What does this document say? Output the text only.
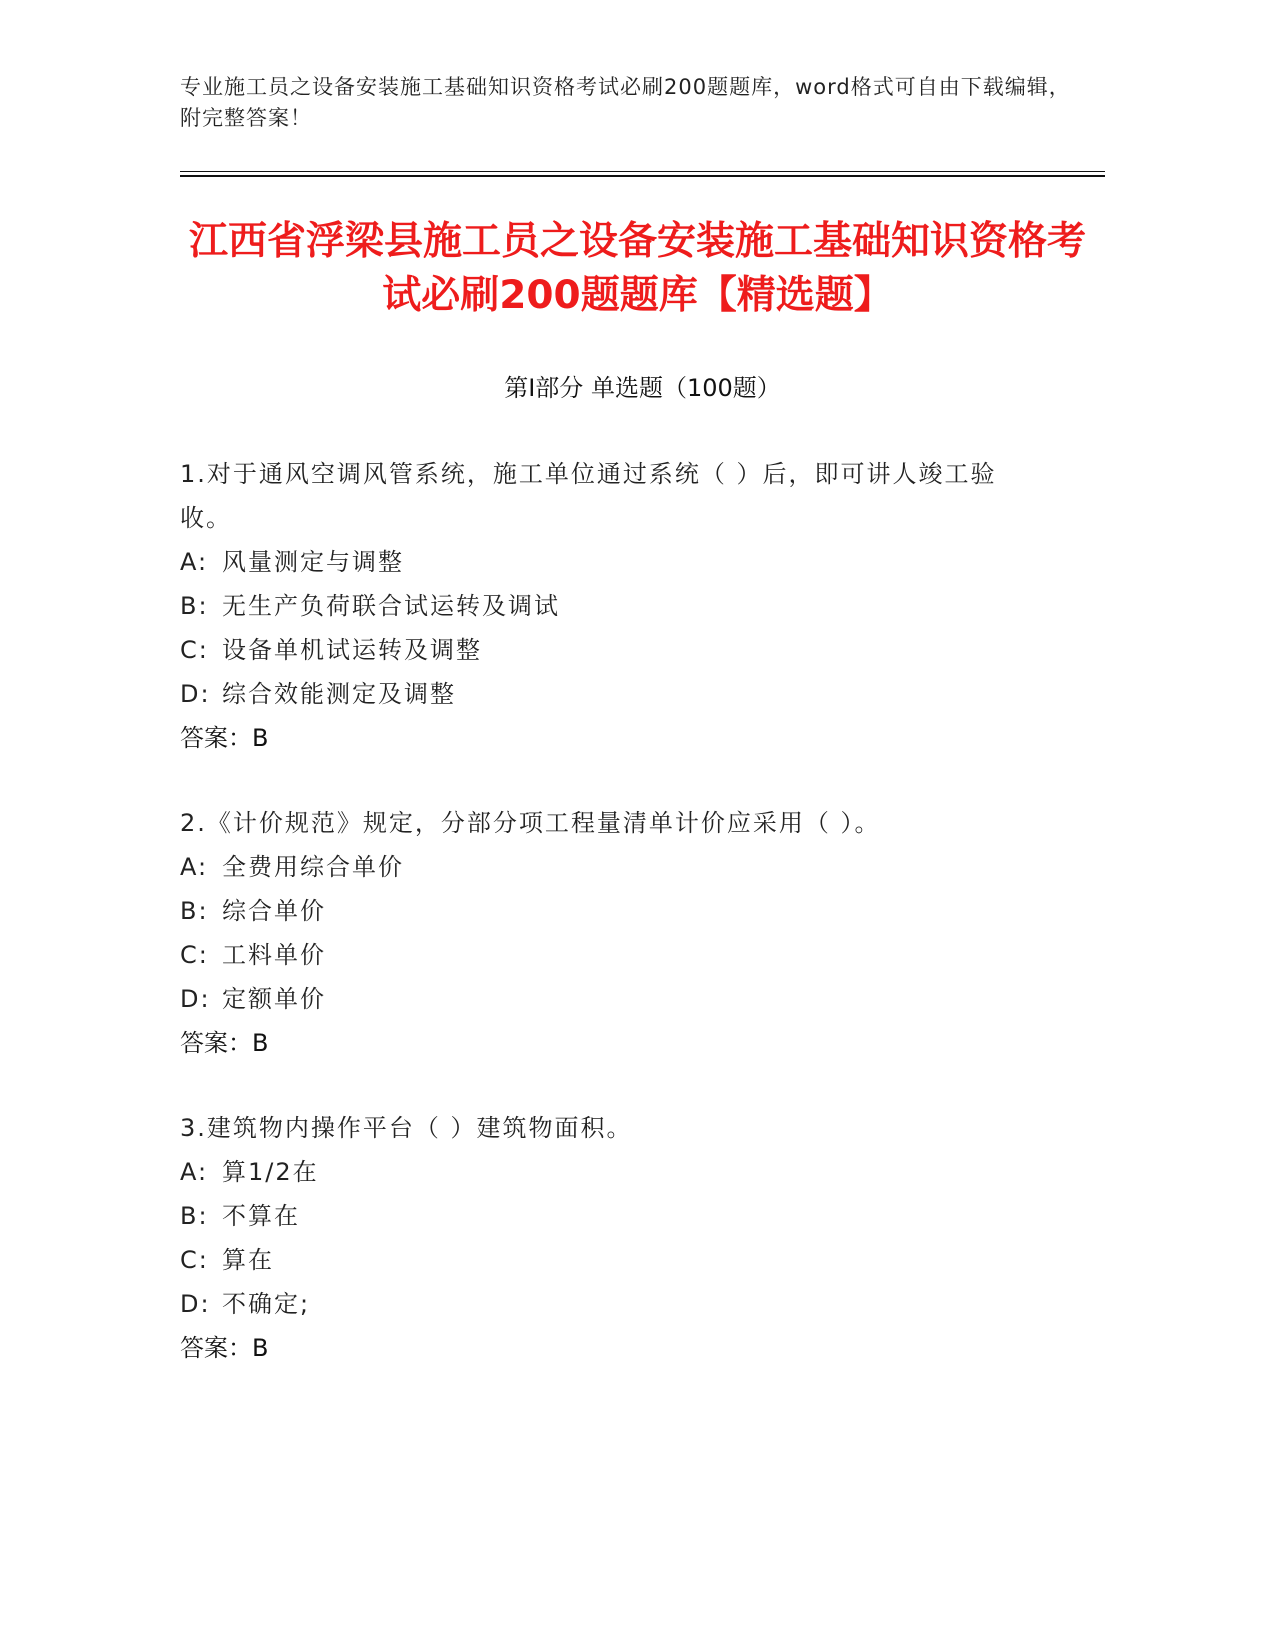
专业施工员之设备安装施工基础知识资格考试必刷200题题库，word格式可自由下载编辑，附完整答案！
江西省浮梁县施工员之设备安装施工基础知识资格考试必刷200题题库【精选题】
第I部分 单选题（100题）
1.对于通风空调风管系统，施工单位通过系统（ ）后，即可讲人竣工验收。
A: 风量测定与调整
B: 无生产负荷联合试运转及调试
C: 设备单机试运转及调整
D: 综合效能测定及调整
答案：B
2.《计价规范》规定，分部分项工程量清单计价应采用（ ）。
A: 全费用综合单价
B: 综合单价
C: 工料单价
D: 定额单价
答案：B
3.建筑物内操作平台（ ）建筑物面积。
A: 算1/2在
B: 不算在
C: 算在
D: 不确定;
答案：B
